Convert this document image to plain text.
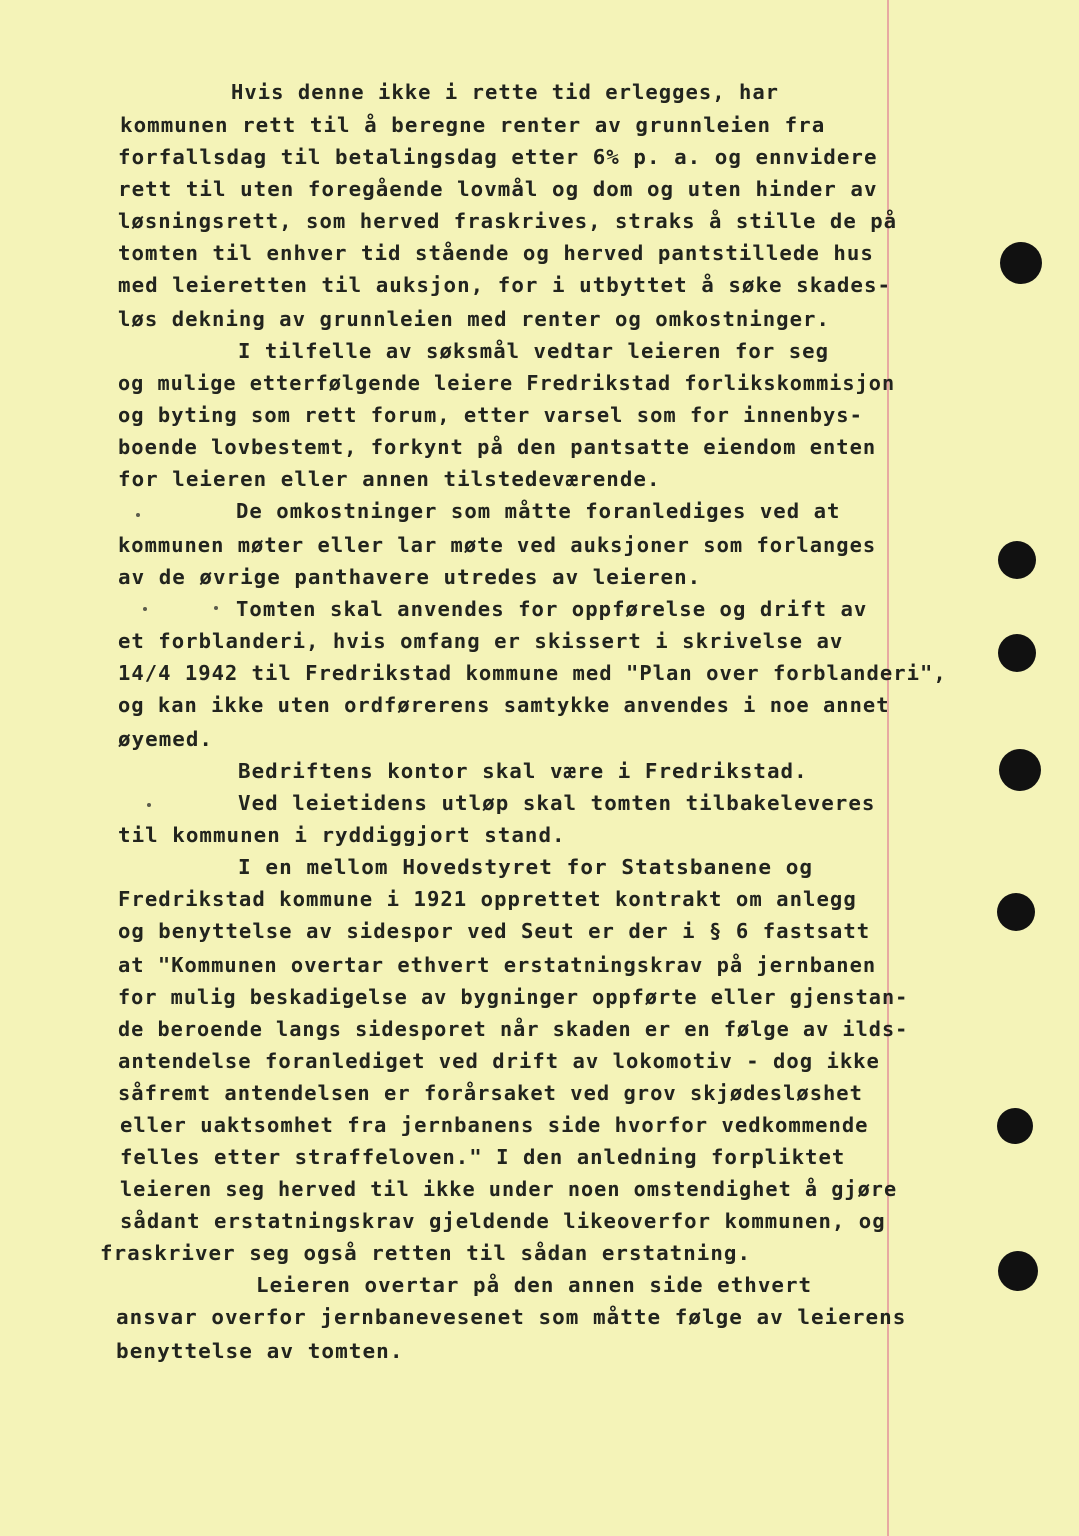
Hvis denne ikke i rette tid erlegges, har
kommunen rett til å beregne renter av grunnleien fra
forfallsdag til betalingsdag etter 6% p. a. og ennvidere
rett til uten foregående lovmål og dom og uten hinder av
løsningsrett, som herved fraskrives, straks å stille de på
tomten til enhver tid stående og herved pantstillede hus
med leieretten til auksjon, for i utbyttet å søke skades-
løs dekning av grunnleien med renter og omkostninger.
I tilfelle av søksmål vedtar leieren for seg
og mulige etterfølgende leiere Fredrikstad forlikskommisjon
og byting som rett forum, etter varsel som for innenbys-
boende lovbestemt, forkynt på den pantsatte eiendom enten
for leieren eller annen tilstedeværende.
De omkostninger som måtte foranlediges ved at
kommunen møter eller lar møte ved auksjoner som forlanges
av de øvrige panthavere utredes av leieren.
Tomten skal anvendes for oppførelse og drift av
et forblanderi, hvis omfang er skissert i skrivelse av
14/4 1942 til Fredrikstad kommune med "Plan over forblanderi",
og kan ikke uten ordførerens samtykke anvendes i noe annet
øyemed.
Bedriftens kontor skal være i Fredrikstad.
Ved leietidens utløp skal tomten tilbakeleveres
til kommunen i ryddiggjort stand.
I en mellom Hovedstyret for Statsbanene og
Fredrikstad kommune i 1921 opprettet kontrakt om anlegg
og benyttelse av sidespor ved Seut er der i § 6 fastsatt
at "Kommunen overtar ethvert erstatningskrav på jernbanen
for mulig beskadigelse av bygninger oppførte eller gjenstan-
de beroende langs sidesporet når skaden er en følge av ilds-
antendelse foranlediget ved drift av lokomotiv - dog ikke
såfremt antendelsen er forårsaket ved grov skjødesløshet
eller uaktsomhet fra jernbanens side hvorfor vedkommende
felles etter straffeloven." I den anledning forpliktet
leieren seg herved til ikke under noen omstendighet å gjøre
sådant erstatningskrav gjeldende likeoverfor kommunen, og
fraskriver seg også retten til sådan erstatning.
Leieren overtar på den annen side ethvert
ansvar overfor jernbanevesenet som måtte følge av leierens
benyttelse av tomten.
